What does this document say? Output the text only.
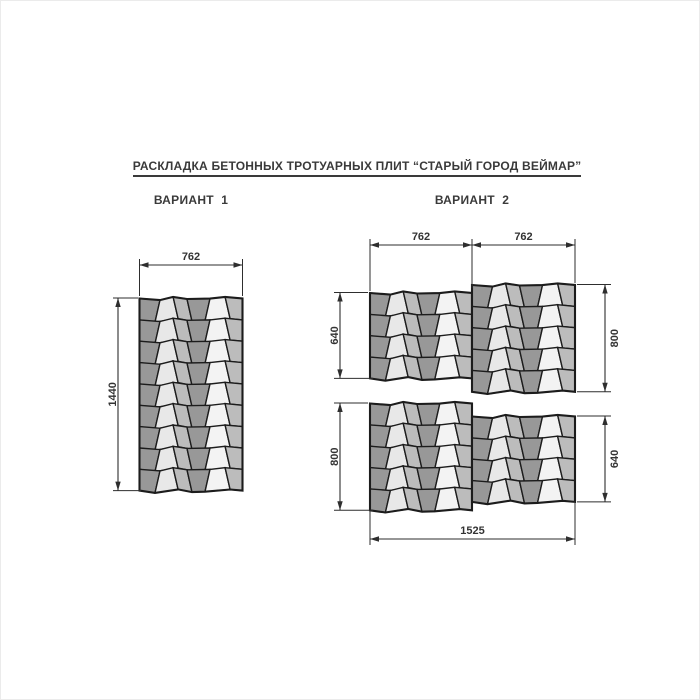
РАСКЛАДКА БЕТОННЫХ ТРОТУАРНЫХ ПЛИТ “СТАРЫЙ ГОРОД ВЕЙМАР”

ВАРИАНТ  1	ВАРИАНТ  2
762
1440
762	762
640
800
800
640
1525
